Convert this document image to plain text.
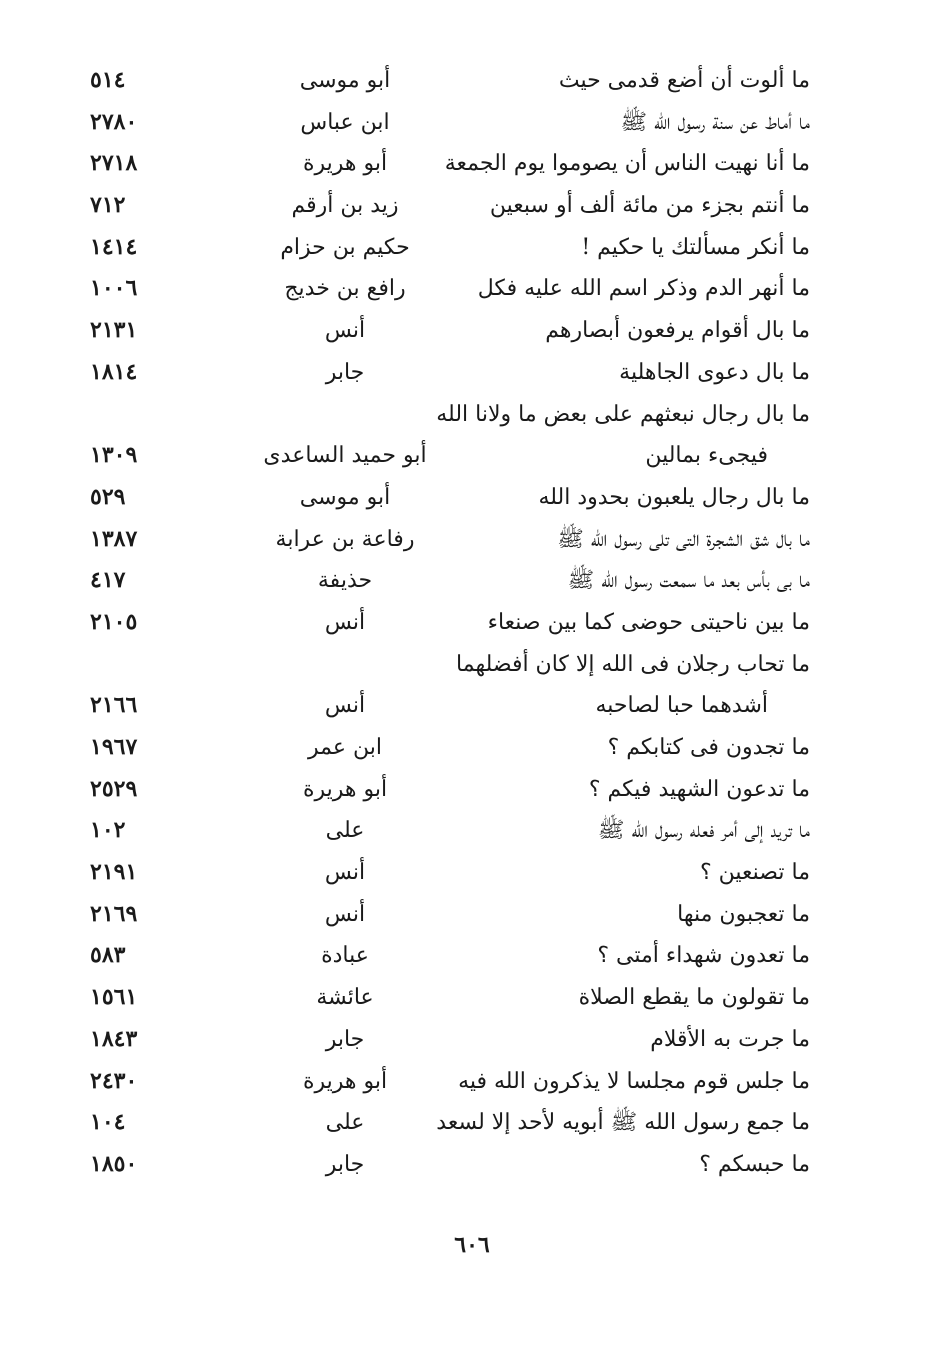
ما ألوت أن أضع قدمى حيث
أبو موسى
٥١٤
ما أماط عن سنة رسول الله ﷺ
ابن عباس
٢٧٨٠
ما أنا نهيت الناس أن يصوموا يوم الجمعة
أبو هريرة
٢٧١٨
ما أنتم بجزء من مائة ألف أو سبعين
زيد بن أرقم
٧١٢
ما أنكر مسألتك يا حكيم !
حكيم بن حزام
١٤١٤
ما أنهر الدم وذكر اسم الله عليه فكل
رافع بن خديج
١٠٠٦
ما بال أقوام يرفعون أبصارهم
أنس
٢١٣١
ما بال دعوى الجاهلية
جابر
١٨١٤
ما بال رجال نبعثهم على بعض ما ولانا الله
فيجىء بمالين
أبو حميد الساعدى
١٣٠٩
ما بال رجال يلعبون بحدود الله
أبو موسى
٥٢٩
ما بال شق الشجرة التى تلى رسول الله ﷺ
رفاعة بن عرابة
١٣٨٧
ما بى بأس بعد ما سمعت رسول الله ﷺ
حذيفة
٤١٧
ما بين ناحيتى حوضى كما بين صنعاء
أنس
٢١٠٥
ما تحاب رجلان فى الله إلا كان أفضلهما
أشدهما حبا لصاحبه
أنس
٢١٦٦
ما تجدون فى كتابكم ؟
ابن عمر
١٩٦٧
ما تدعون الشهيد فيكم ؟
أبو هريرة
٢٥٢٩
ما تريد إلى أمر فعله رسول الله ﷺ
على
١٠٢
ما تصنعين ؟
أنس
٢١٩١
ما تعجبون منها
أنس
٢١٦٩
ما تعدون شهداء أمتى ؟
عبادة
٥٨٣
ما تقولون ما يقطع الصلاة
عائشة
١٥٦١
ما جرت به الأقلام
جابر
١٨٤٣
ما جلس قوم مجلسا لا يذكرون الله فيه
أبو هريرة
٢٤٣٠
ما جمع رسول الله ﷺ أبويه لأحد إلا لسعد
على
١٠٤
ما حبسكم ؟
جابر
١٨٥٠
٦٠٦
